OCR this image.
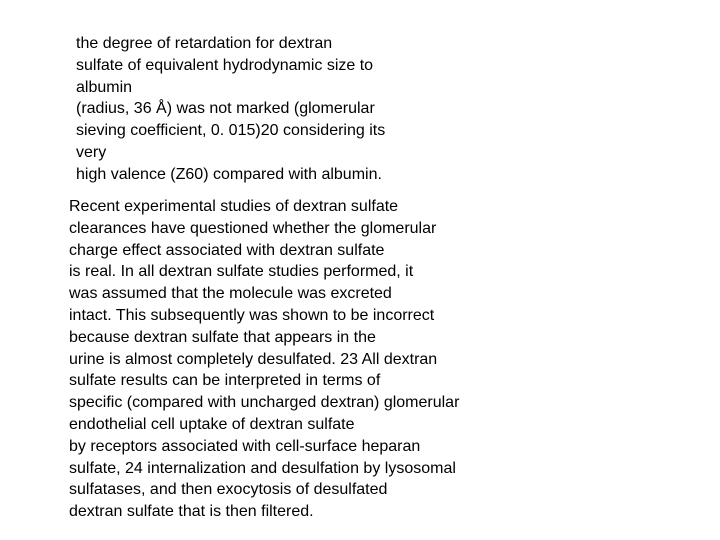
the degree of retardation for dextran
sulfate of equivalent hydrodynamic size to
albumin
(radius, 36 Å) was not marked (glomerular
sieving coefficient, 0. 015)20 considering its
very
high valence (Z60) compared with albumin.
Recent experimental studies of dextran sulfate
clearances have questioned whether the glomerular
charge effect associated with dextran sulfate
is real. In all dextran sulfate studies performed, it
was assumed that the molecule was excreted
intact. This subsequently was shown to be incorrect
because dextran sulfate that appears in the
urine is almost completely desulfated. 23 All dextran
sulfate results can be interpreted in terms of
specific (compared with uncharged dextran) glomerular
endothelial cell uptake of dextran sulfate
by receptors associated with cell-surface heparan
sulfate, 24 internalization and desulfation by lysosomal
sulfatases, and then exocytosis of desulfated
dextran sulfate that is then filtered.
